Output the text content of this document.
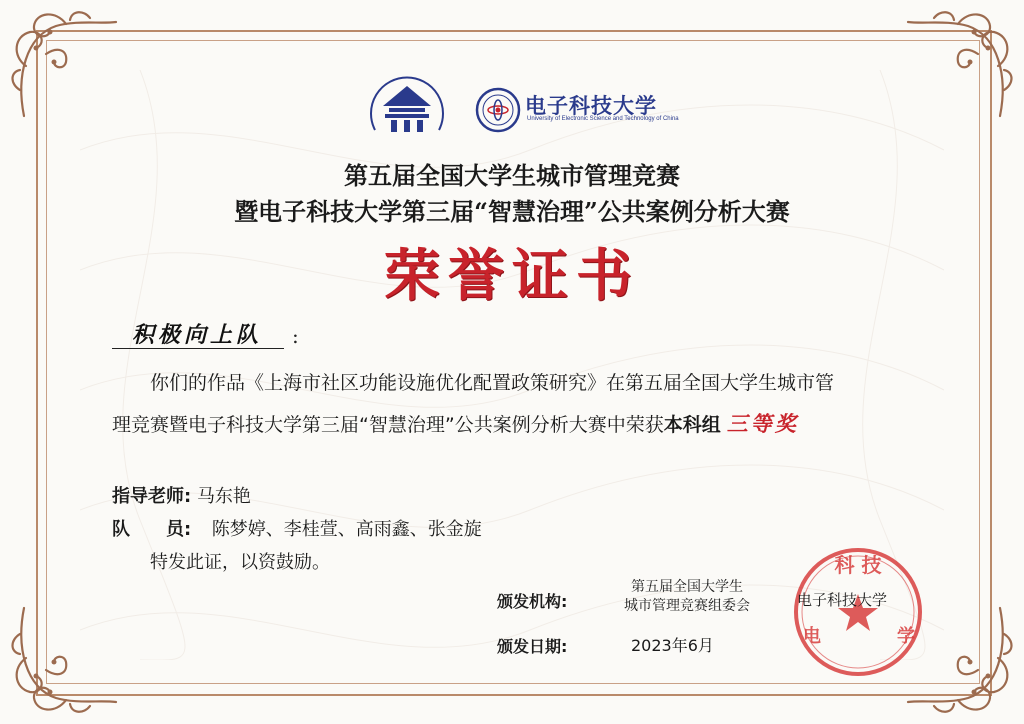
电子科技大学
University of Electronic Science and Technology of China
第五届全国大学生城市管理竞赛
暨电子科技大学第三届“智慧治理”公共案例分析大赛
荣誉证书
积极向上队 :
你们的作品《上海市社区功能设施优化配置政策研究》在第五届全国大学生城市管
理竞赛暨电子科技大学第三届“智慧治理”公共案例分析大赛中荣获本科组 三等奖
指导老师: 马东艳
队　　员: 陈梦婷、李桂萱、高雨鑫、张金旋
特发此证，以资鼓励。
颁发机构:
第五届全国大学生
城市管理竞赛组委会
科 技
电	学
电子科技大学
颁发日期:	2023年6月
